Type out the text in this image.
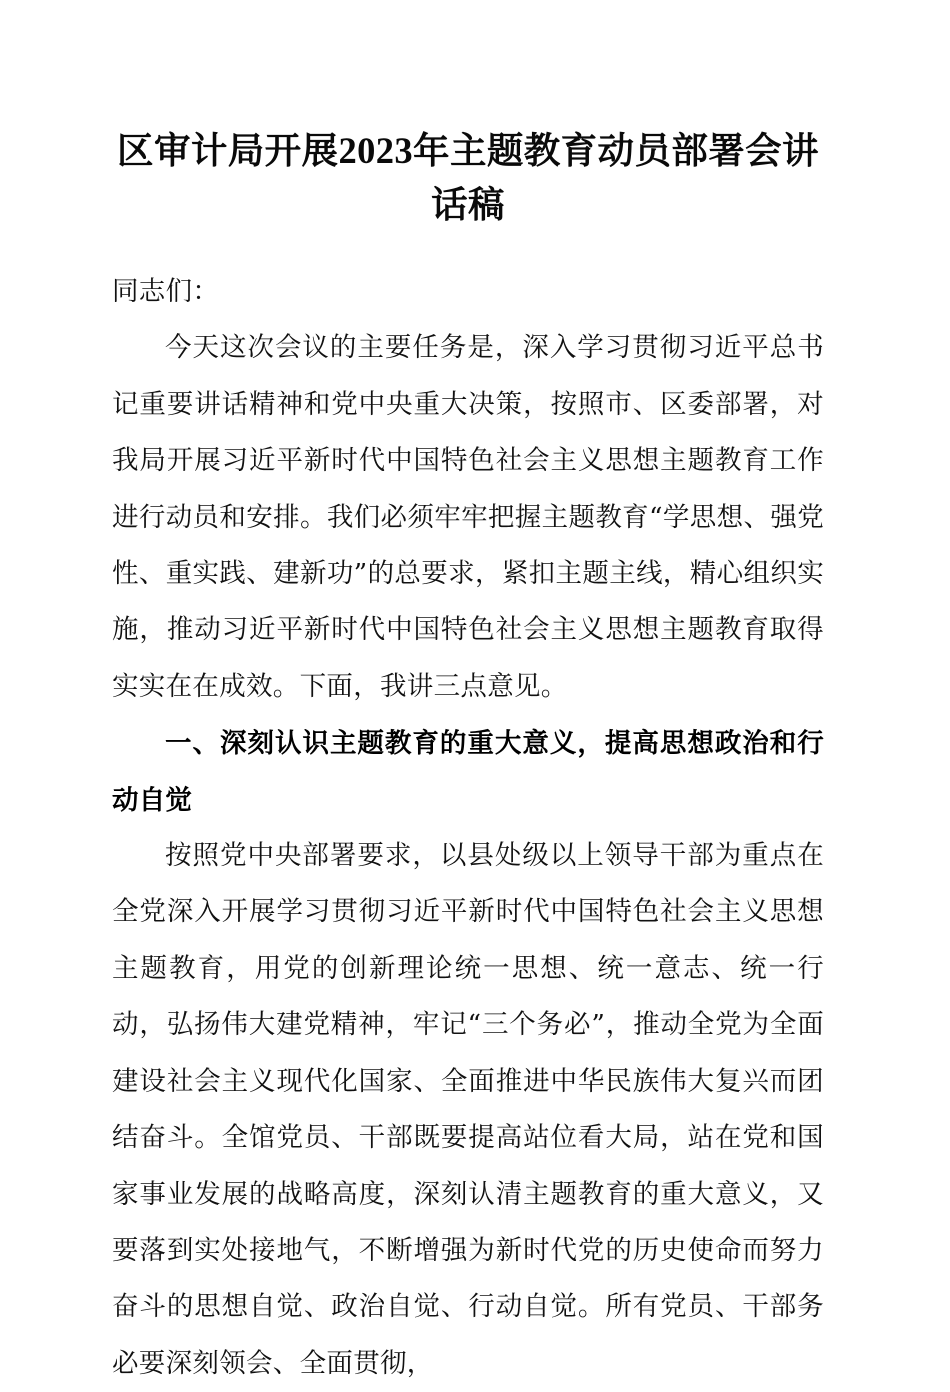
区审计局开展2023年主题教育动员部署会讲话稿

同志们：

今天这次会议的主要任务是，深入学习贯彻习近平总书记重要讲话精神和党中央重大决策，按照市、区委部署，对我局开展习近平新时代中国特色社会主义思想主题教育工作进行动员和安排。我们必须牢牢把握主题教育“学思想、强党性、重实践、建新功”的总要求，紧扣主题主线，精心组织实施，推动习近平新时代中国特色社会主义思想主题教育取得实实在在成效。下面，我讲三点意见。

一、深刻认识主题教育的重大意义，提高思想政治和行动自觉

按照党中央部署要求，以县处级以上领导干部为重点在全党深入开展学习贯彻习近平新时代中国特色社会主义思想主题教育，用党的创新理论统一思想、统一意志、统一行动，弘扬伟大建党精神，牢记“三个务必”，推动全党为全面建设社会主义现代化国家、全面推进中华民族伟大复兴而团结奋斗。全馆党员、干部既要提高站位看大局，站在党和国家事业发展的战略高度，深刻认清主题教育的重大意义，又要落到实处接地气，不断增强为新时代党的历史使命而努力奋斗的思想自觉、政治自觉、行动自觉。所有党员、干部务必要深刻领会、全面贯彻，
